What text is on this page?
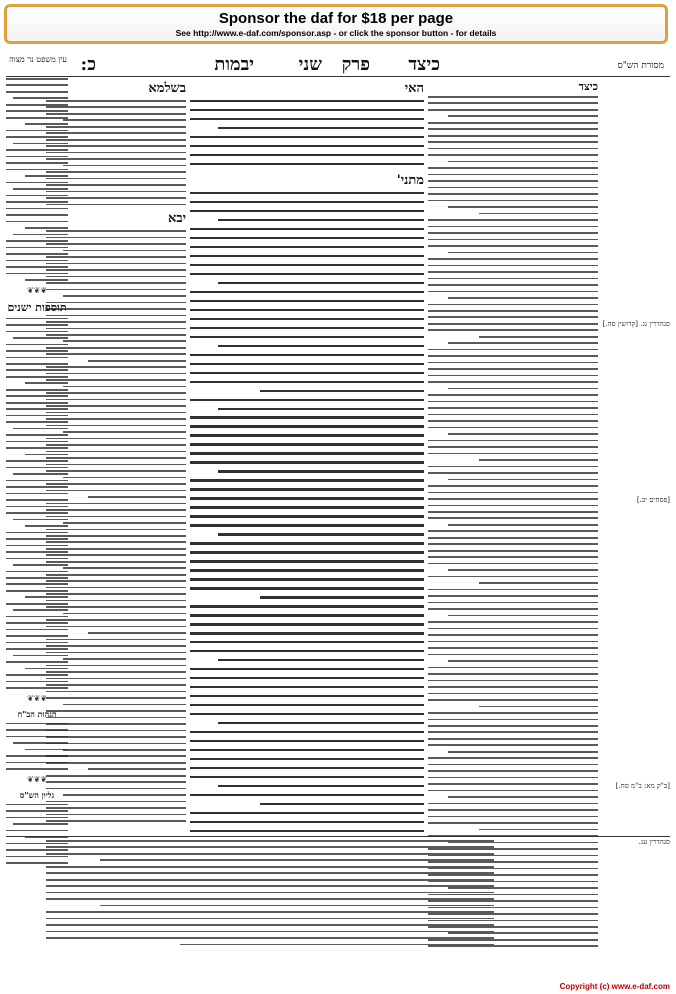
Sponsor the daf for $18 per page
See http://www.e-daf.com/sponsor.asp - or click the sponsor button - for details
כיצד
פרק
שני
יבמות
כ:
עין משפט נר מצוה
מסורת הש"ס
סנהדרין נג. [קדושין סה.]
[פסחים יב.]
[ב"ק מא: ב"מ סח.]
סנהדרין עג.
כיצד
האי
מתני'
בשלמא
יבא
❦❦❦
תוספות ישנים
❦❦❦
הגהות הב"ח
❦❦❦
גליון הש"ס
Copyright (c) www.e-daf.com
